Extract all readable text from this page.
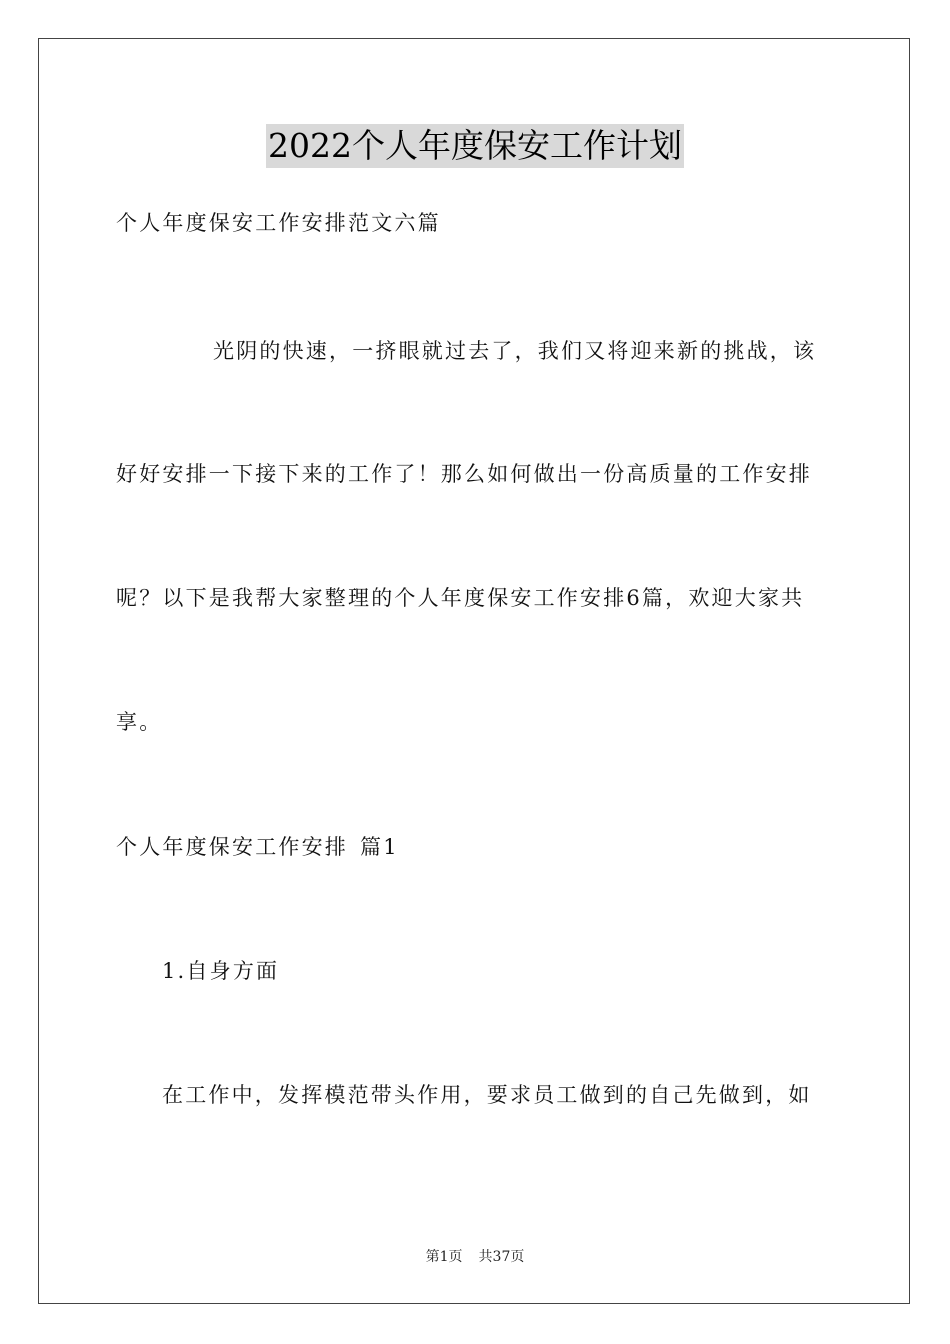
2022个人年度保安工作计划
个人年度保安工作安排范文六篇
光阴的快速，一挤眼就过去了，我们又将迎来新的挑战，该
好好安排一下接下来的工作了！那么如何做出一份高质量的工作安排
呢？以下是我帮大家整理的个人年度保安工作安排6篇，欢迎大家共
享。
个人年度保安工作安排 篇1
1.自身方面
在工作中，发挥模范带头作用，要求员工做到的自己先做到，如
第1页 共37页
